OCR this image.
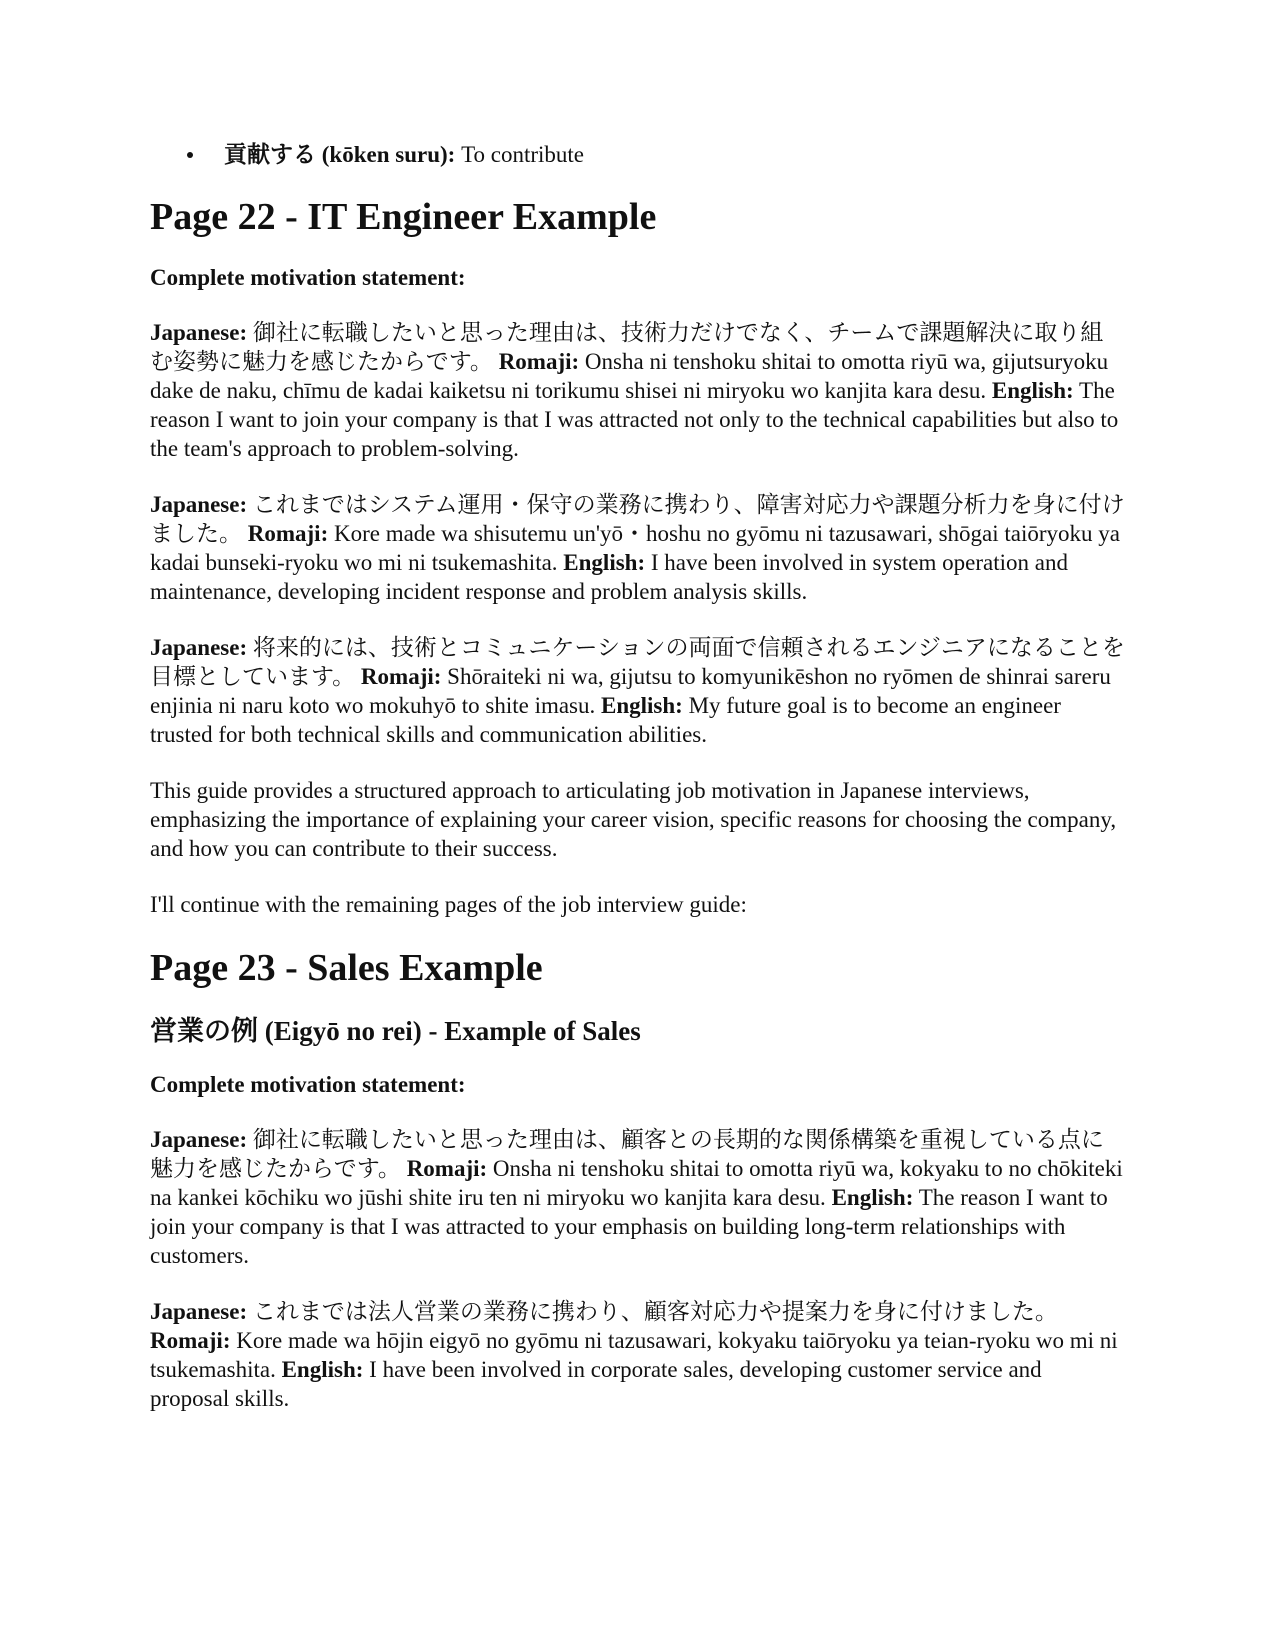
貢献する (kōken suru): To contribute
Page 22 - IT Engineer Example

Complete motivation statement:

Japanese: 御社に転職したいと思った理由は、技術力だけでなく、チームで課題解決に取り組む姿勢に魅力を感じたからです。 Romaji: Onsha ni tenshoku shitai to omotta riyū wa, gijutsuryoku dake de naku, chīmu de kadai kaiketsu ni torikumu shisei ni miryoku wo kanjita kara desu. English: The reason I want to join your company is that I was attracted not only to the technical capabilities but also to the team's approach to problem-solving.

Japanese: これまではシステム運用・保守の業務に携わり、障害対応力や課題分析力を身に付けました。 Romaji: Kore made wa shisutemu un'yō・hoshu no gyōmu ni tazusawari, shōgai taiōryoku ya kadai bunseki-ryoku wo mi ni tsukemashita. English: I have been involved in system operation and maintenance, developing incident response and problem analysis skills.

Japanese: 将来的には、技術とコミュニケーションの両面で信頼されるエンジニアになることを目標としています。 Romaji: Shōraiteki ni wa, gijutsu to komyunikēshon no ryōmen de shinrai sareru enjinia ni naru koto wo mokuhyō to shite imasu. English: My future goal is to become an engineer trusted for both technical skills and communication abilities.

This guide provides a structured approach to articulating job motivation in Japanese interviews, emphasizing the importance of explaining your career vision, specific reasons for choosing the company, and how you can contribute to their success.

I'll continue with the remaining pages of the job interview guide:

Page 23 - Sales Example
営業の例 (Eigyō no rei) - Example of Sales

Complete motivation statement:

Japanese: 御社に転職したいと思った理由は、顧客との長期的な関係構築を重視している点に魅力を感じたからです。 Romaji: Onsha ni tenshoku shitai to omotta riyū wa, kokyaku to no chōkiteki na kankei kōchiku wo jūshi shite iru ten ni miryoku wo kanjita kara desu. English: The reason I want to join your company is that I was attracted to your emphasis on building long-term relationships with customers.

Japanese: これまでは法人営業の業務に携わり、顧客対応力や提案力を身に付けました。 Romaji: Kore made wa hōjin eigyō no gyōmu ni tazusawari, kokyaku taiōryoku ya teian-ryoku wo mi ni tsukemashita. English: I have been involved in corporate sales, developing customer service and proposal skills.
